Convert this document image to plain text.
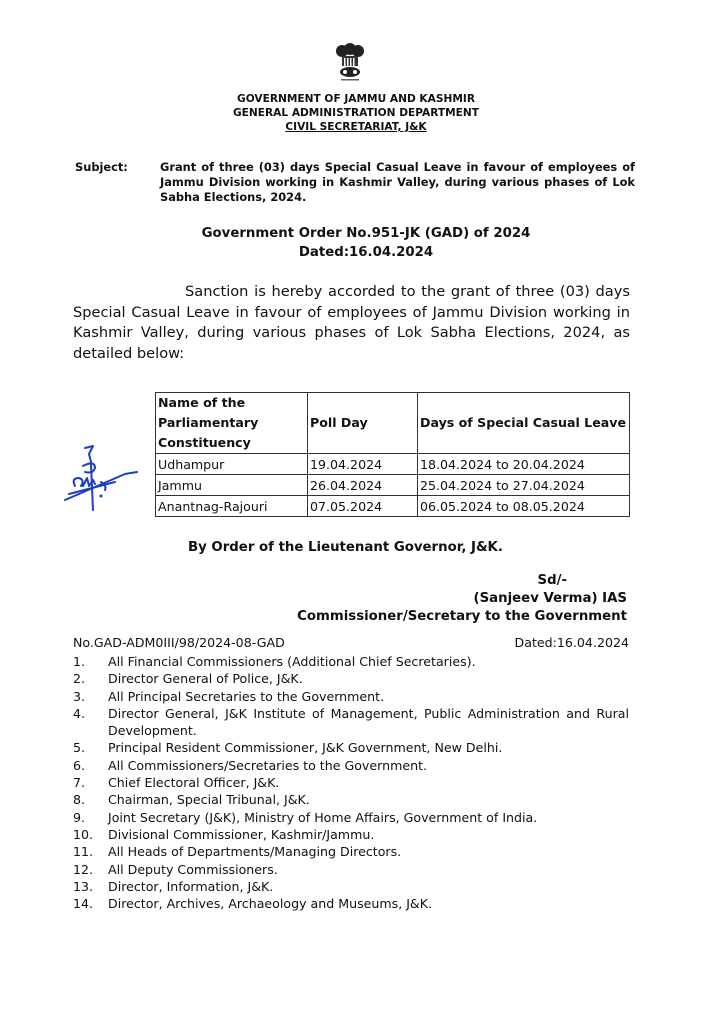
GOVERNMENT OF JAMMU AND KASHMIR
GENERAL ADMINISTRATION DEPARTMENT
CIVIL SECRETARIAT, J&K
Subject:	Grant of three (03) days Special Casual Leave in favour of employees of Jammu Division working in Kashmir Valley, during various phases of Lok Sabha Elections, 2024.
Government Order No.951-JK (GAD) of 2024
Dated:16.04.2024
Sanction is hereby accorded to the grant of three (03) days Special Casual Leave in favour of employees of Jammu Division working in Kashmir Valley, during various phases of Lok Sabha Elections, 2024, as detailed below:
Name of the Parliamentary Constituency	Poll Day	Days of Special Casual Leave
Udhampur	19.04.2024	18.04.2024 to 20.04.2024
Jammu	26.04.2024	25.04.2024 to 27.04.2024
Anantnag-Rajouri	07.05.2024	06.05.2024 to 08.05.2024
By Order of the Lieutenant Governor, J&K.
Sd/-
(Sanjeev Verma) IAS
Commissioner/Secretary to the Government
No.GAD-ADM0III/98/2024-08-GAD	Dated:16.04.2024
1.	All Financial Commissioners (Additional Chief Secretaries).
2.	Director General of Police, J&K.
3.	All Principal Secretaries to the Government.
4.	Director General, J&K Institute of Management, Public Administration and Rural Development.
5.	Principal Resident Commissioner, J&K Government, New Delhi.
6.	All Commissioners/Secretaries to the Government.
7.	Chief Electoral Officer, J&K.
8.	Chairman, Special Tribunal, J&K.
9.	Joint Secretary (J&K), Ministry of Home Affairs, Government of India.
10.	Divisional Commissioner, Kashmir/Jammu.
11.	All Heads of Departments/Managing Directors.
12.	All Deputy Commissioners.
13.	Director, Information, J&K.
14.	Director, Archives, Archaeology and Museums, J&K.
